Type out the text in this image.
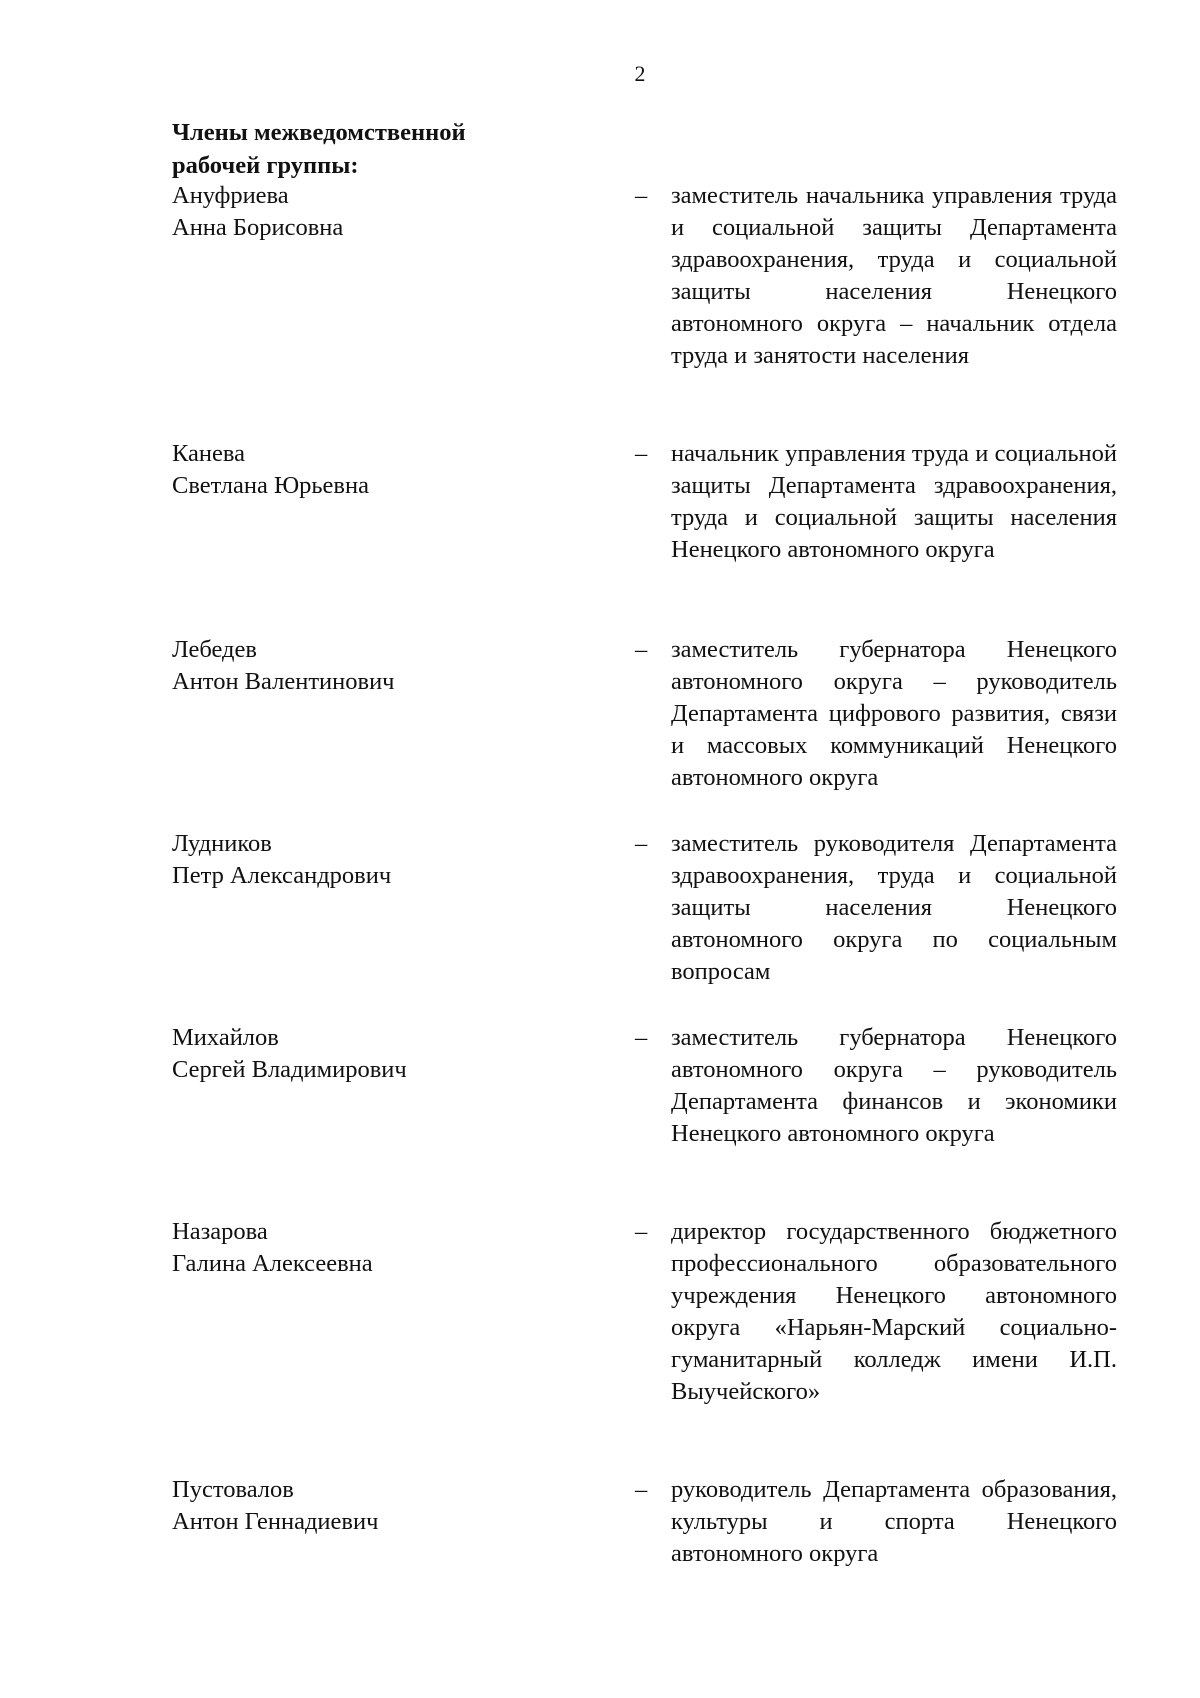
2
Члены межведомственной
рабочей группы:
Ануфриева
Анна Борисовна
– заместитель начальника управления труда и социальной защиты Департамента здравоохранения, труда и социальной защиты населения Ненецкого автономного округа – начальник отдела труда и занятости населения
Канева
Светлана Юрьевна
– начальник управления труда и социальной защиты Департамента здравоохранения, труда и социальной защиты населения Ненецкого автономного округа
Лебедев
Антон Валентинович
– заместитель губернатора Ненецкого автономного округа – руководитель Департамента цифрового развития, связи и массовых коммуникаций Ненецкого автономного округа
Лудников
Петр Александрович
– заместитель руководителя Департамента здравоохранения, труда и социальной защиты населения Ненецкого автономного округа по социальным вопросам
Михайлов
Сергей Владимирович
– заместитель губернатора Ненецкого автономного округа – руководитель Департамента финансов и экономики Ненецкого автономного округа
Назарова
Галина Алексеевна
– директор государственного бюджетного профессионального образовательного учреждения Ненецкого автономного округа «Нарьян-Марский социально-гуманитарный колледж имени И.П. Выучейского»
Пустовалов
Антон Геннадиевич
– руководитель Департамента образования, культуры и спорта Ненецкого автономного округа
